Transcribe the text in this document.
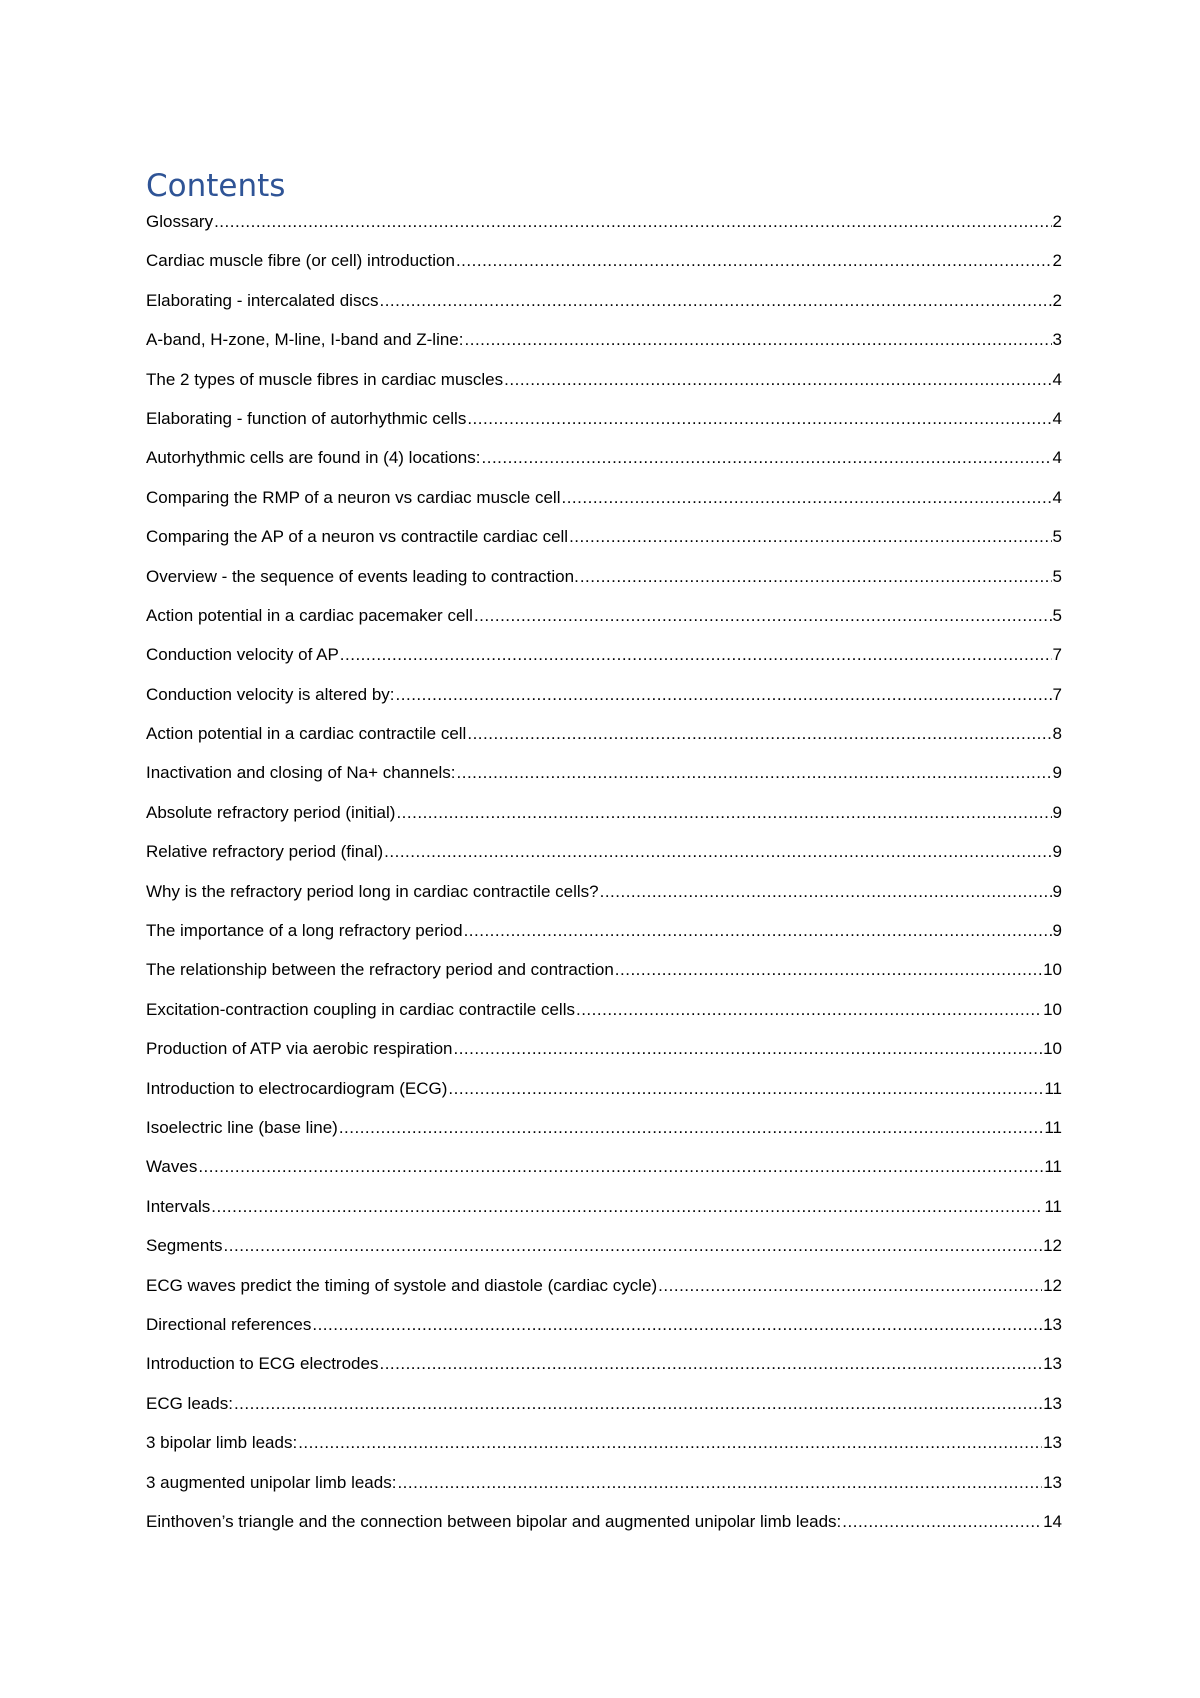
Contents
Glossary .....	2
Cardiac muscle fibre (or cell) introduction .....	2
Elaborating - intercalated discs .....	2
A-band, H-zone, M-line, I-band and Z-line: .....	3
The 2 types of muscle fibres in cardiac muscles .....	4
Elaborating - function of autorhythmic cells .....	4
Autorhythmic cells are found in (4) locations: .....	4
Comparing the RMP of a neuron vs cardiac muscle cell .....	4
Comparing the AP of a neuron vs contractile cardiac cell .....	5
Overview - the sequence of events leading to contraction. .....	5
Action potential in a cardiac pacemaker cell .....	5
Conduction velocity of AP .....	7
Conduction velocity is altered by: .....	7
Action potential in a cardiac contractile cell .....	8
Inactivation and closing of Na+ channels: .....	9
Absolute refractory period (initial) .....	9
Relative refractory period (final) .....	9
Why is the refractory period long in cardiac contractile cells? .....	9
The importance of a long refractory period .....	9
The relationship between the refractory period and contraction .....	10
Excitation-contraction coupling in cardiac contractile cells .....	10
Production of ATP via aerobic respiration .....	10
Introduction to electrocardiogram (ECG) .....	11
Isoelectric line (base line) .....	11
Waves .....	11
Intervals .....	11
Segments .....	12
ECG waves predict the timing of systole and diastole (cardiac cycle) .....	12
Directional references .....	13
Introduction to ECG electrodes .....	13
ECG leads: .....	13
3 bipolar limb leads: .....	13
3 augmented unipolar limb leads: .....	13
Einthoven’s triangle and the connection between bipolar and augmented unipolar limb leads: .....	14
